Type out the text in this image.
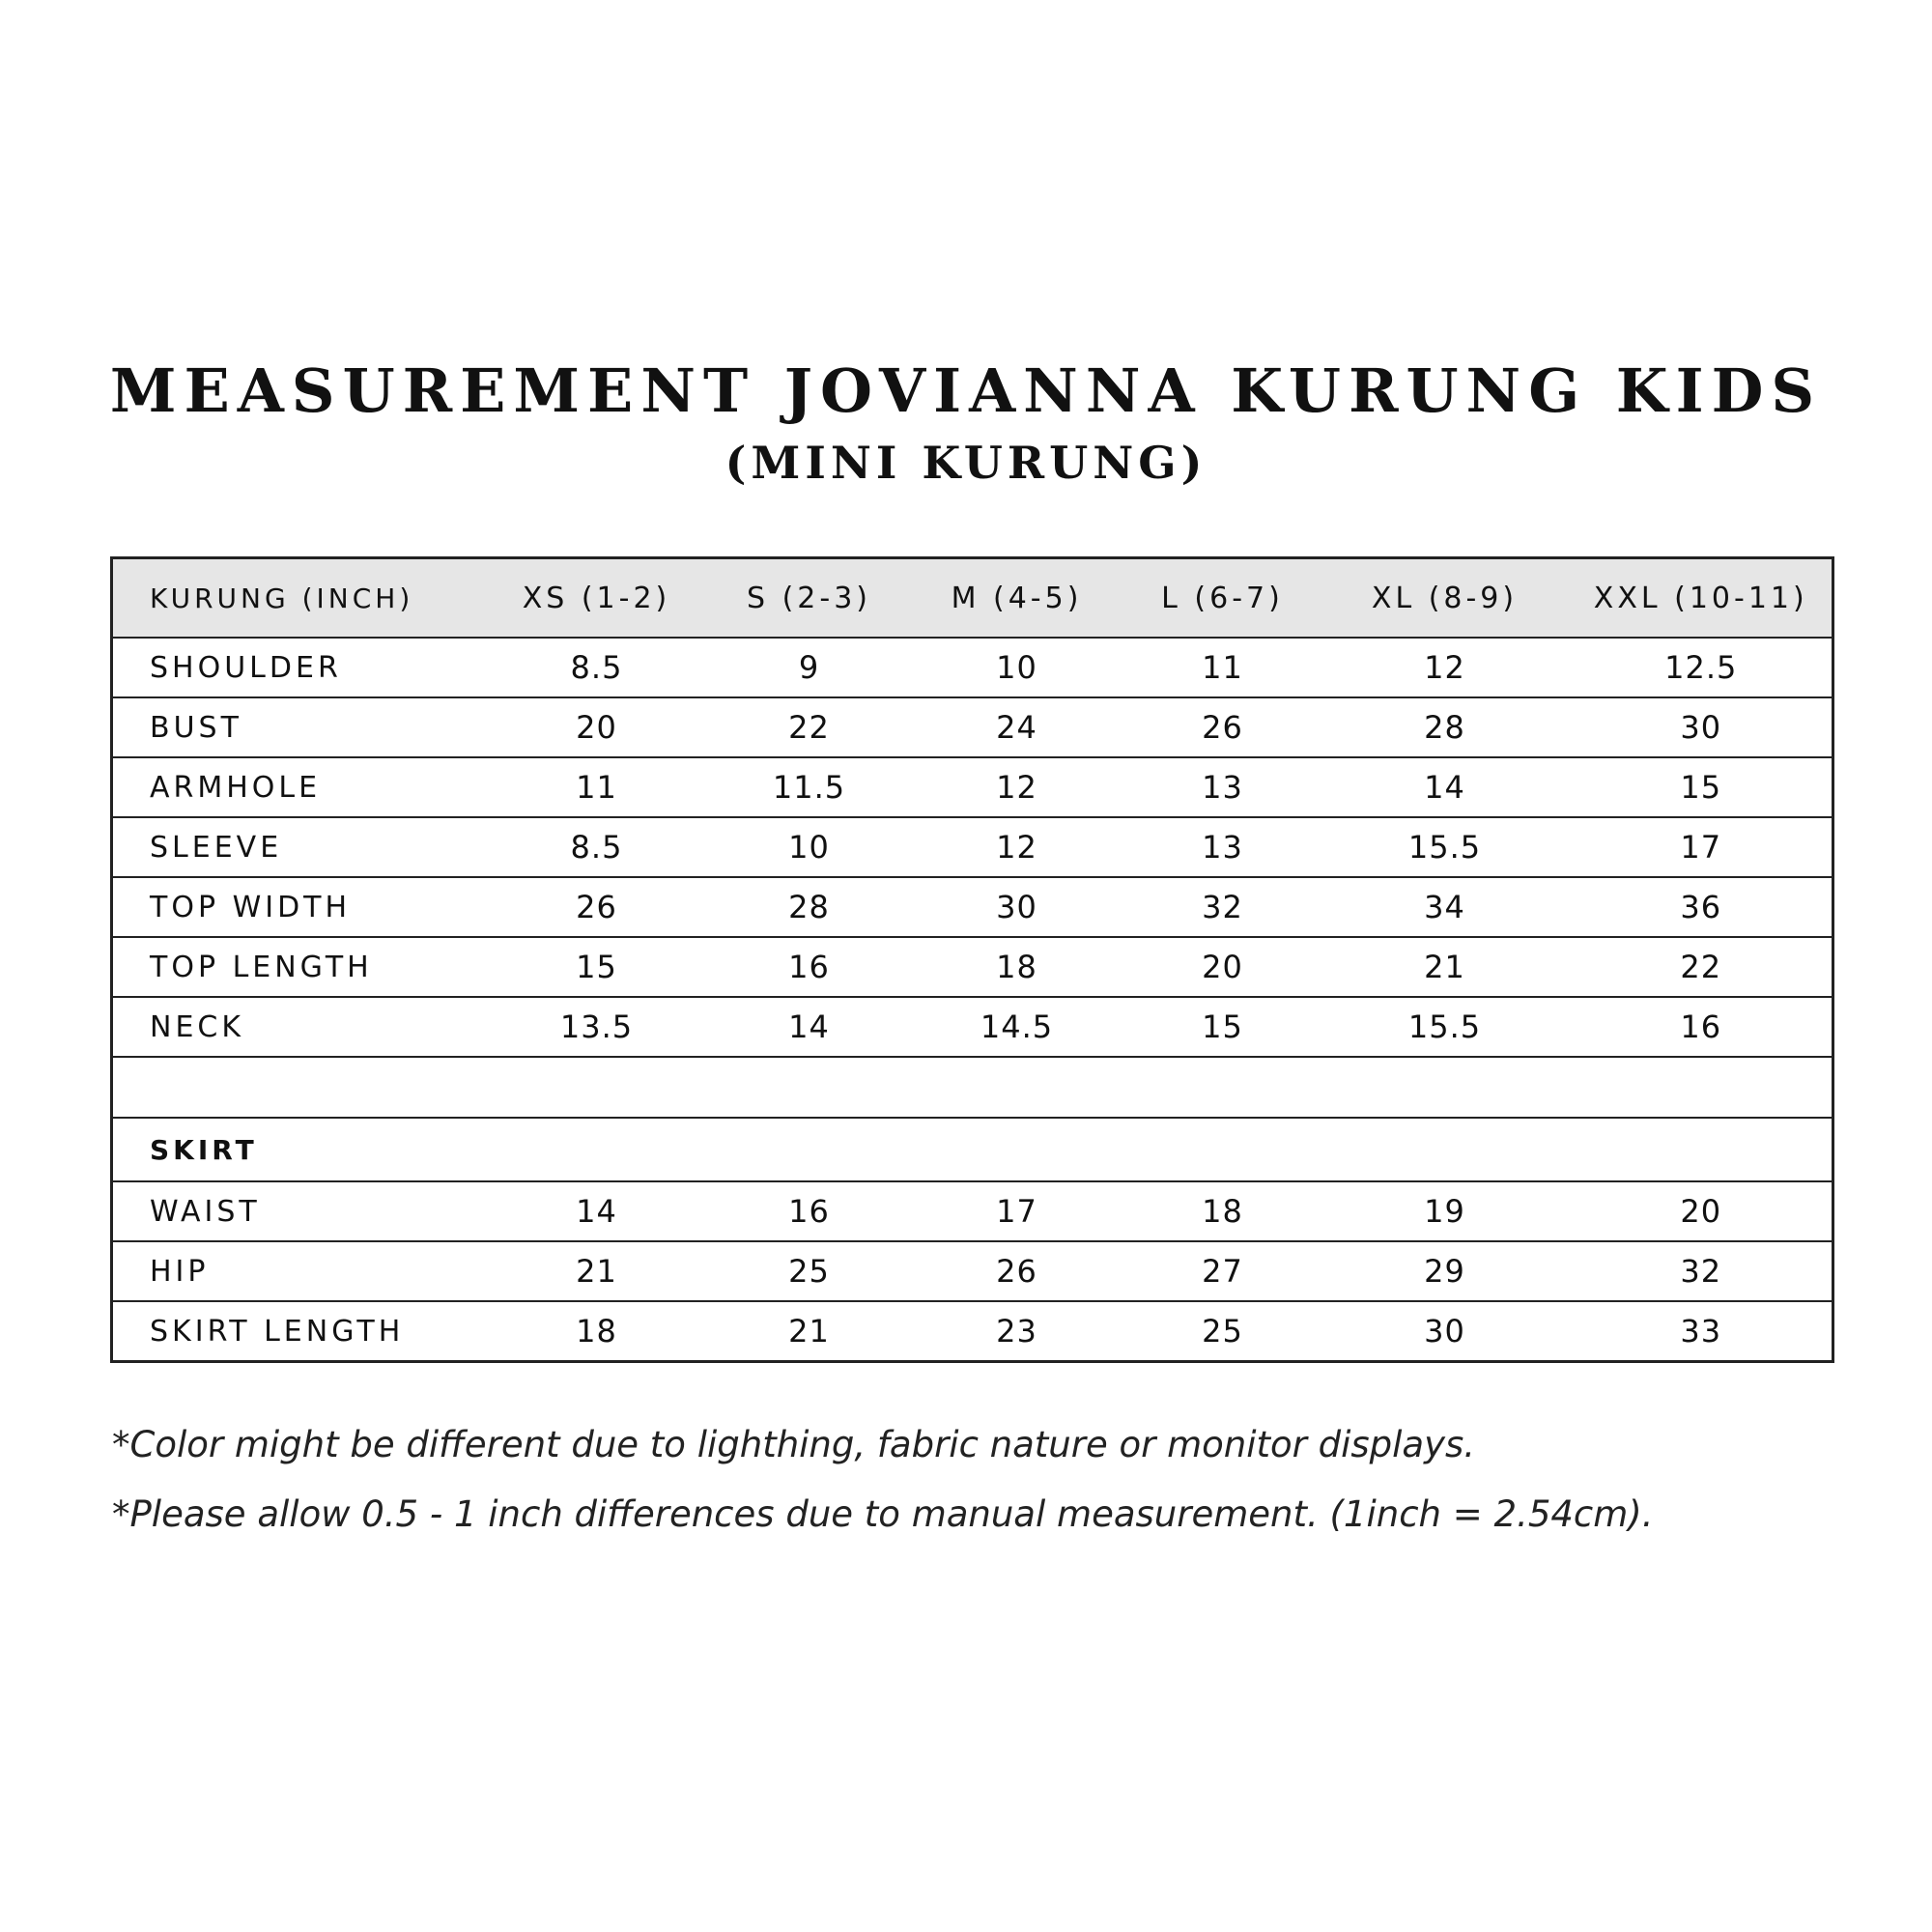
MEASUREMENT JOVIANNA KURUNG KIDS
(MINI KURUNG)
KURUNG (INCH)	XS (1-2)	S (2-3)	M (4-5)	L (6-7)	XL (8-9)	XXL (10-11)
SHOULDER	8.5	9	10	11	12	12.5
BUST	20	22	24	26	28	30
ARMHOLE	11	11.5	12	13	14	15
SLEEVE	8.5	10	12	13	15.5	17
TOP WIDTH	26	28	30	32	34	36
TOP LENGTH	15	16	18	20	21	22
NECK	13.5	14	14.5	15	15.5	16

SKIRT						
WAIST	14	16	17	18	19	20
HIP	21	25	26	27	29	32
SKIRT LENGTH	18	21	23	25	30	33
*Color might be different due to lighthing, fabric nature or monitor displays.
*Please allow 0.5 - 1 inch differences due to manual measurement. (1inch = 2.54cm).
